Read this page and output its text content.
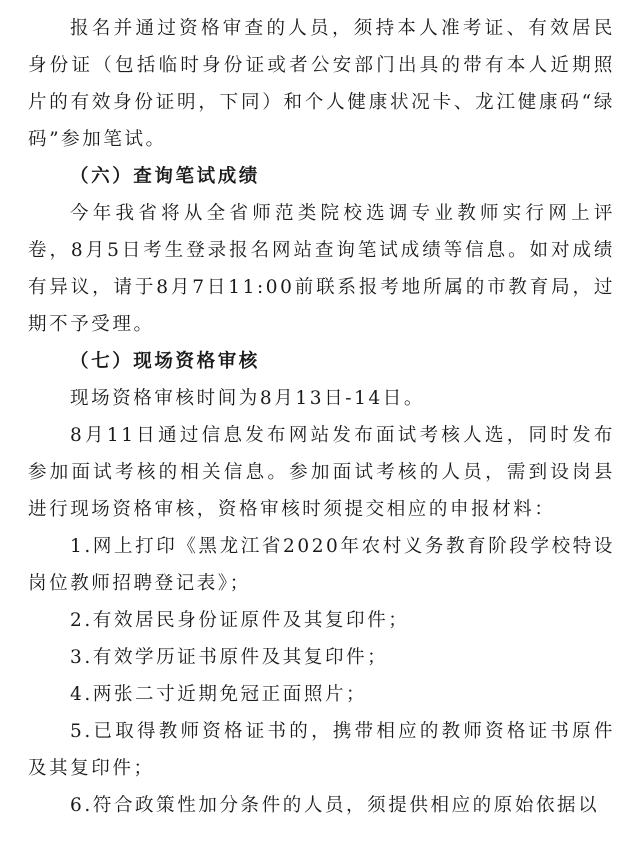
报名并通过资格审查的人员，须持本人准考证、有效居民身份证（包括临时身份证或者公安部门出具的带有本人近期照片的有效身份证明，下同）和个人健康状况卡、龙江健康码“绿码”参加笔试。

（六）查询笔试成绩

今年我省将从全省师范类院校选调专业教师实行网上评卷，8月5日考生登录报名网站查询笔试成绩等信息。如对成绩有异议，请于8月7日11:00前联系报考地所属的市教育局，过期不予受理。

（七）现场资格审核

现场资格审核时间为8月13日-14日。

8月11日通过信息发布网站发布面试考核人选，同时发布参加面试考核的相关信息。参加面试考核的人员，需到设岗县进行现场资格审核，资格审核时须提交相应的申报材料：

1.网上打印《黑龙江省2020年农村义务教育阶段学校特设岗位教师招聘登记表》；

2.有效居民身份证原件及其复印件；

3.有效学历证书原件及其复印件；

4.两张二寸近期免冠正面照片；

5.已取得教师资格证书的，携带相应的教师资格证书原件及其复印件；

6.符合政策性加分条件的人员，须提供相应的原始依据以
